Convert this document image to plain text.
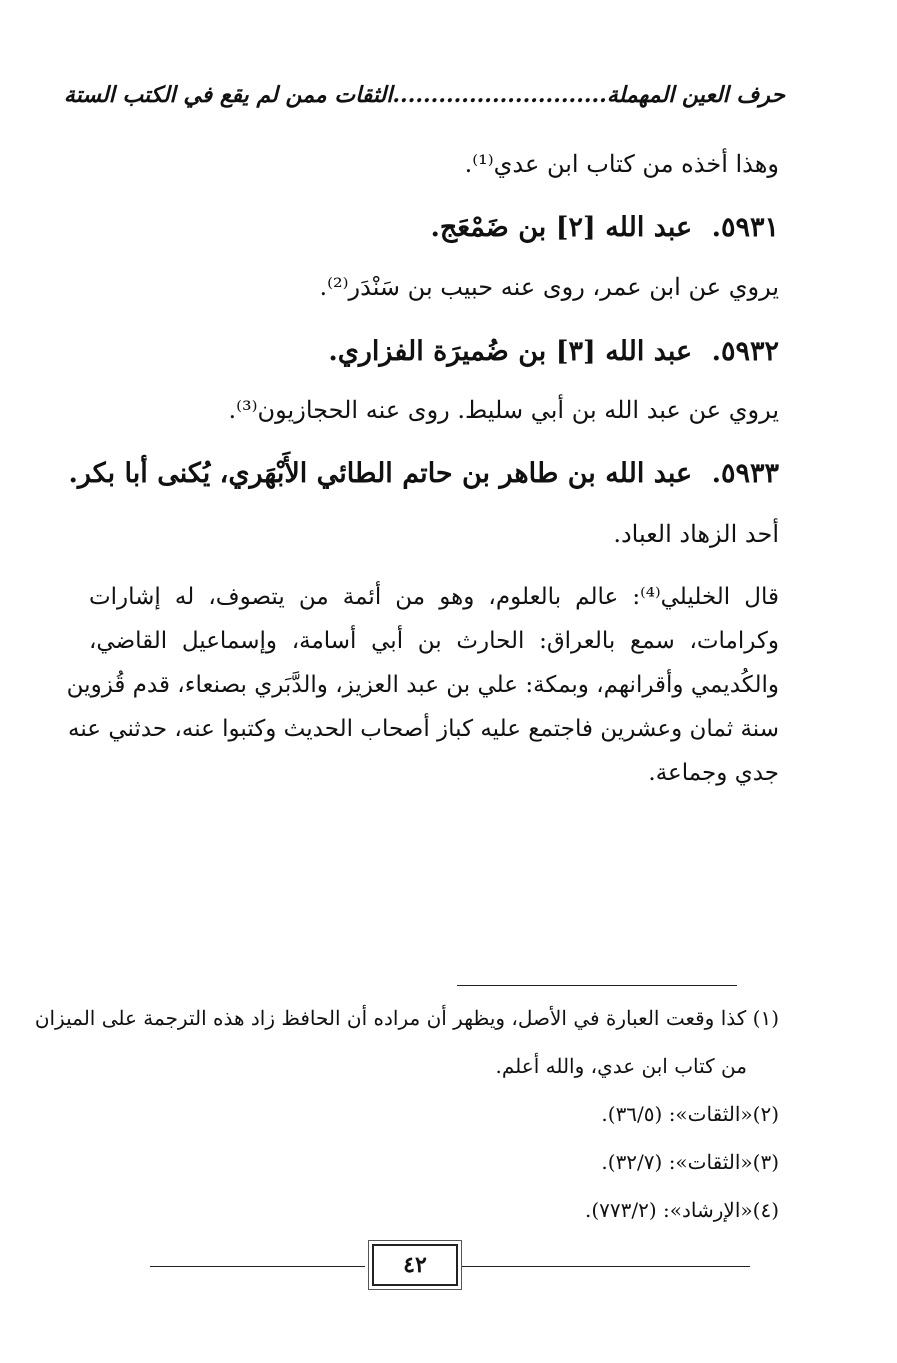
حرف العين المهملة............................الثقات ممن لم يقع في الكتب الستة
وهذا أخذه من كتاب ابن عدي⁽¹⁾.
٥٩٣١. عبد الله [٢] بن ضَمْعَج.
يروي عن ابن عمر، روى عنه حبيب بن سَنْدَر⁽²⁾.
٥٩٣٢. عبد الله [٣] بن ضُميرَة الفزاري.
يروي عن عبد الله بن أبي سليط. روى عنه الحجازيون⁽³⁾.
٥٩٣٣. عبد الله بن طاهر بن حاتم الطائي الأَبْهَري، يُكنى أبا بكر.
أحد الزهاد العباد.
قال الخليلي⁽⁴⁾: عالم بالعلوم، وهو من أئمة من يتصوف، له إشارات
وكرامات، سمع بالعراق: الحارث بن أبي أسامة، وإسماعيل القاضي،
والكُديمي وأقرانهم، وبمكة: علي بن عبد العزيز، والدَّبَري بصنعاء، قدم قُزوين
سنة ثمان وعشرين فاجتمع عليه كباز أصحاب الحديث وكتبوا عنه، حدثني عنه
جدي وجماعة.
(١) كذا وقعت العبارة في الأصل، ويظهر أن مراده أن الحافظ زاد هذه الترجمة على الميزان
من كتاب ابن عدي، والله أعلم.
(٢)«الثقات»: (٣٦/٥).
(٣)«الثقات»: (٣٢/٧).
(٤)«الإرشاد»: (٧٧٣/٢).
٤٢
